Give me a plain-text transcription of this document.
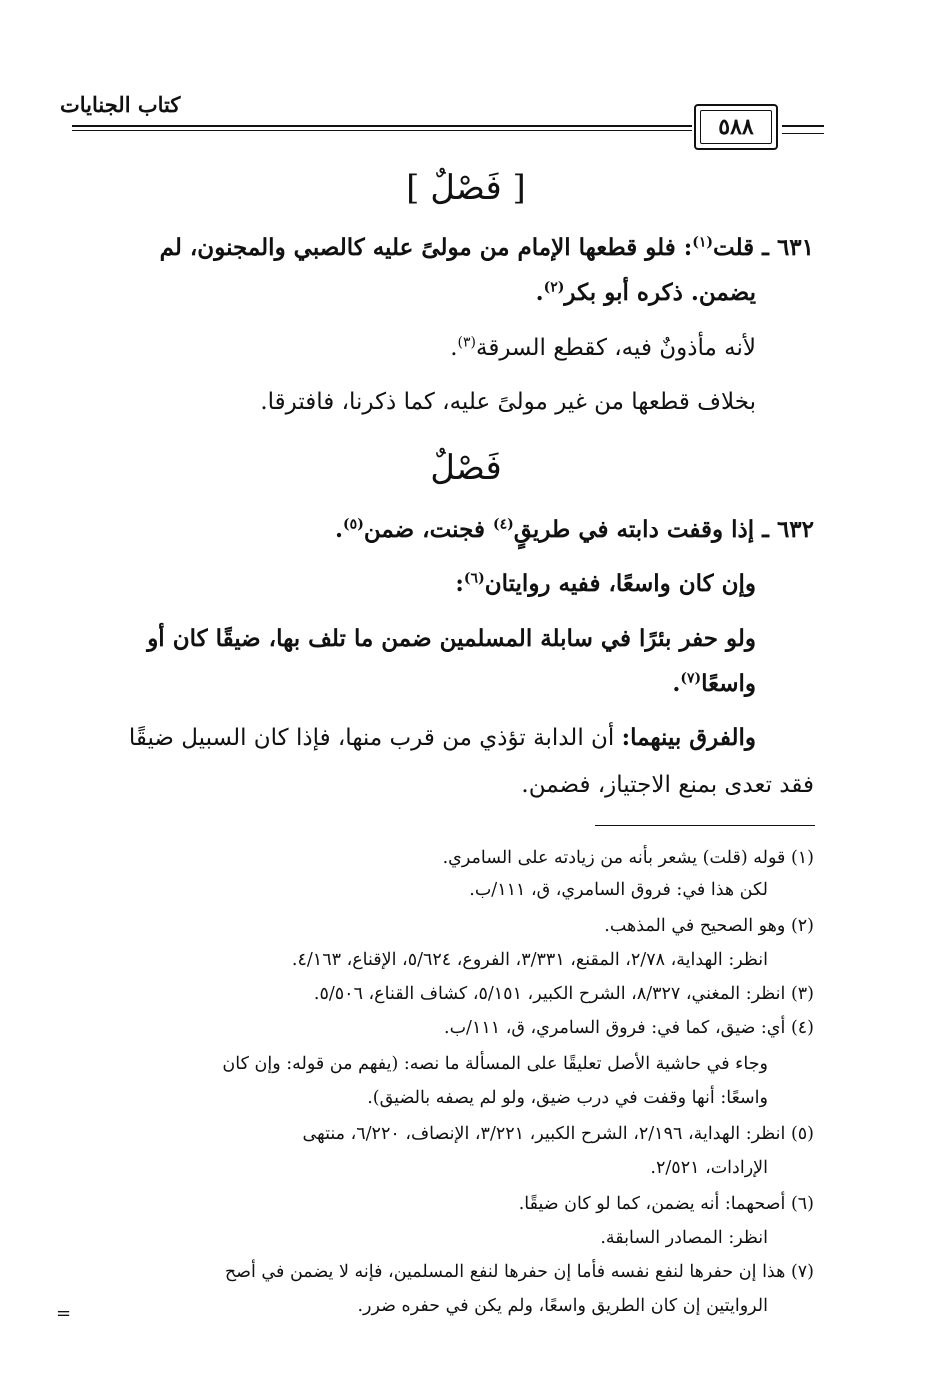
كتاب الجنايات
٥٨٨
[ فَصْلٌ ]
٦٣١ ـ قلت$^{(١)}$: فلو قطعها الإمام من مولىً عليه كالصبي والمجنون، لم
يضمن. ذكره أبو بكر$^{(٢)}$.
لأنه مأذونٌ فيه، كقطع السرقة$^{(٣)}$.
بخلاف قطعها من غير مولىً عليه، كما ذكرنا، فافترقا.
فَصْلٌ
٦٣٢ ـ إذا وقفت دابته في طريقٍ$^{(٤)}$ فجنت، ضمن$^{(٥)}$.
وإن كان واسعًا، ففيه روايتان$^{(٦)}$:
ولو حفر بئرًا في سابلة المسلمين ضمن ما تلف بها، ضيقًا كان أو
واسعًا$^{(٧)}$.
والفرق بينهما: أن الدابة تؤذي من قرب منها، فإذا كان السبيل ضيقًا
فقد تعدى بمنع الاجتياز، فضمن.
(١) قوله (قلت) يشعر بأنه من زيادته على السامري.
لكن هذا في: فروق السامري، ق، ١١١/ب.
(٢) وهو الصحيح في المذهب.
انظر: الهداية، ٢/٧٨، المقنع، ٣/٣٣١، الفروع، ٥/٦٢٤، الإقناع، ٤/١٦٣.
(٣) انظر: المغني، ٨/٣٢٧، الشرح الكبير، ٥/١٥١، كشاف القناع، ٥/٥٠٦.
(٤) أي: ضيق، كما في: فروق السامري، ق، ١١١/ب.
وجاء في حاشية الأصل تعليقًا على المسألة ما نصه: (يفهم من قوله: وإن كان
واسعًا: أنها وقفت في درب ضيق، ولو لم يصفه بالضيق).
(٥) انظر: الهداية، ٢/١٩٦، الشرح الكبير، ٣/٢٢١، الإنصاف، ٦/٢٢٠، منتهى
الإرادات، ٢/٥٢١.
(٦) أصحهما: أنه يضمن، كما لو كان ضيقًا.
انظر: المصادر السابقة.
(٧) هذا إن حفرها لنفع نفسه فأما إن حفرها لنفع المسلمين، فإنه لا يضمن في أصح
الروايتين إن كان الطريق واسعًا، ولم يكن في حفره ضرر.
=
